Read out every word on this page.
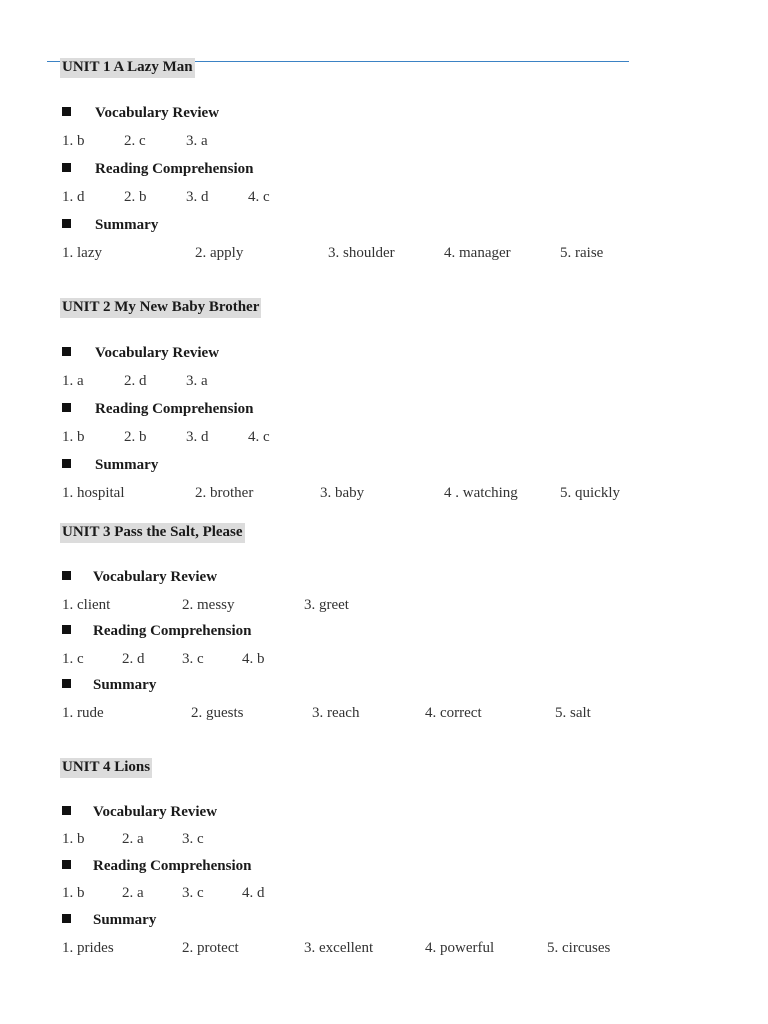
UNIT 1 A Lazy Man
Vocabulary Review
1. b	2. c	3. a
Reading Comprehension
1. d	2. b	3. d	4. c
Summary
1. lazy	2. apply	3. shoulder	4. manager	5. raise
UNIT 2 My New Baby Brother
Vocabulary Review
1. a	2. d	3. a
Reading Comprehension
1. b	2. b	3. d	4. c
Summary
1. hospital	2. brother	3. baby	4 . watching	5. quickly
UNIT 3 Pass the Salt, Please
Vocabulary Review
1. client	2. messy	3. greet
Reading Comprehension
1. c	2. d	3. c	4. b
Summary
1. rude	2. guests	3. reach	4. correct	5. salt
UNIT 4 Lions
Vocabulary Review
1. b	2. a	3. c
Reading Comprehension
1. b	2. a	3. c	4. d
Summary
1. prides	2. protect	3. excellent	4. powerful	5. circuses
